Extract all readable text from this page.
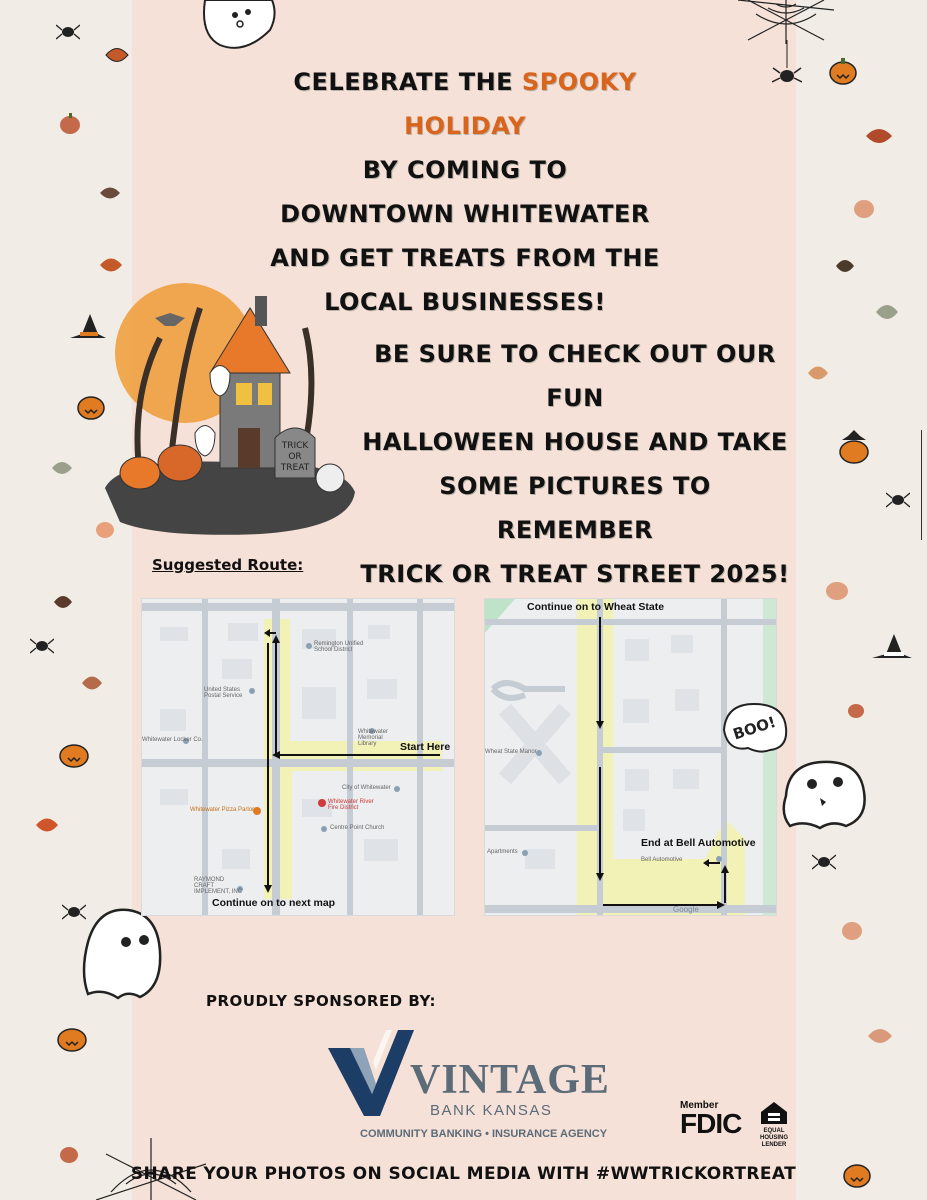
CELEBRATE THE SPOOKY HOLIDAY
BY COMING TO
DOWNTOWN WHITEWATER
AND GET TREATS FROM THE
LOCAL BUSINESSES!
TRICK OR TREAT
BE SURE TO CHECK OUT OUR FUN
HALLOWEEN HOUSE AND TAKE
SOME PICTURES TO REMEMBER
TRICK OR TREAT STREET 2025!
Suggested Route:
Start Here
Continue on to next map
Remington Unified School District
United States Postal Service
Whitewater Memorial Library
Whitewater Locker Co.
City of Whitewater
Whitewater River Fire District
Whitewater Pizza Parlor
Centre Point Church
RAYMOND CRAFT IMPLEMENT, INC
Continue on to Wheat State
End at Bell Automotive
Wheat State Manor
Apartments
Bell Automotive
Google
BOO!
PROUDLY SPONSORED BY:
VINTAGE
BANK KANSAS
COMMUNITY BANKING • INSURANCE AGENCY
Member
FDIC	EQUAL HOUSING LENDER
SHARE YOUR PHOTOS ON SOCIAL MEDIA WITH #WWTRICKORTREAT
